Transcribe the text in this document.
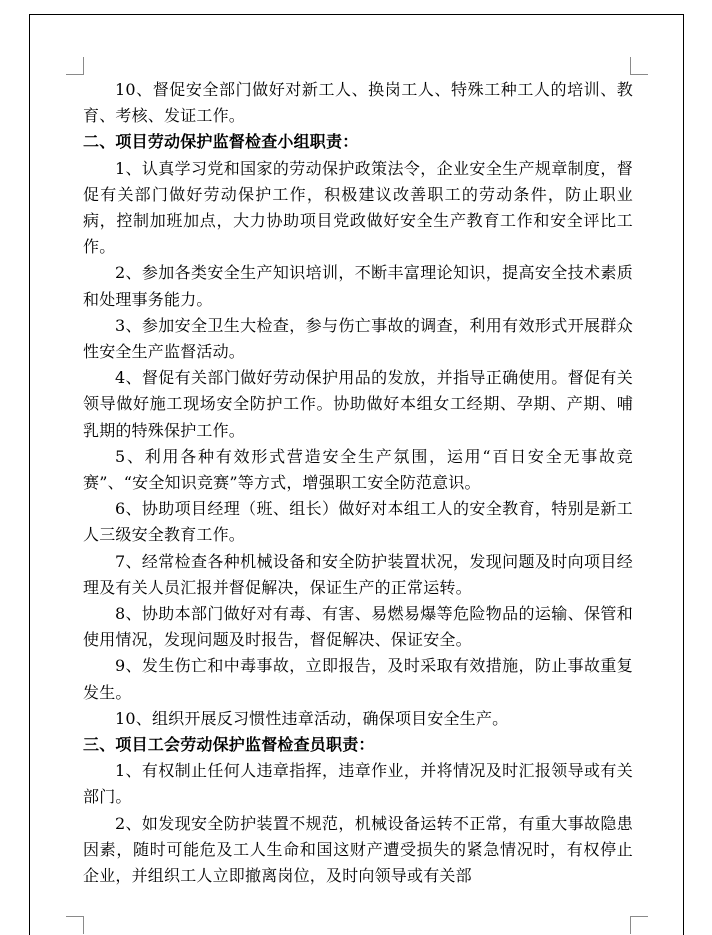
10、督促安全部门做好对新工人、换岗工人、特殊工种工人的培训、教育、考核、发证工作。

二、项目劳动保护监督检查小组职责：

1、认真学习党和国家的劳动保护政策法令，企业安全生产规章制度，督促有关部门做好劳动保护工作，积极建议改善职工的劳动条件，防止职业病，控制加班加点，大力协助项目党政做好安全生产教育工作和安全评比工作。

2、参加各类安全生产知识培训，不断丰富理论知识，提高安全技术素质和处理事务能力。

3、参加安全卫生大检查，参与伤亡事故的调查，利用有效形式开展群众性安全生产监督活动。

4、督促有关部门做好劳动保护用品的发放，并指导正确使用。督促有关领导做好施工现场安全防护工作。协助做好本组女工经期、孕期、产期、哺乳期的特殊保护工作。

5、利用各种有效形式营造安全生产氛围，运用“百日安全无事故竞赛”、“安全知识竞赛”等方式，增强职工安全防范意识。

6、协助项目经理（班、组长）做好对本组工人的安全教育，特别是新工人三级安全教育工作。

7、经常检查各种机械设备和安全防护装置状况，发现问题及时向项目经理及有关人员汇报并督促解决，保证生产的正常运转。

8、协助本部门做好对有毒、有害、易燃易爆等危险物品的运输、保管和使用情况，发现问题及时报告，督促解决、保证安全。

9、发生伤亡和中毒事故，立即报告，及时采取有效措施，防止事故重复发生。

10、组织开展反习惯性违章活动，确保项目安全生产。

三、项目工会劳动保护监督检查员职责：

1、有权制止任何人违章指挥，违章作业，并将情况及时汇报领导或有关部门。

2、如发现安全防护装置不规范，机械设备运转不正常，有重大事故隐患因素，随时可能危及工人生命和国这财产遭受损失的紧急情况时，有权停止企业，并组织工人立即撤离岗位，及时向领导或有关部
